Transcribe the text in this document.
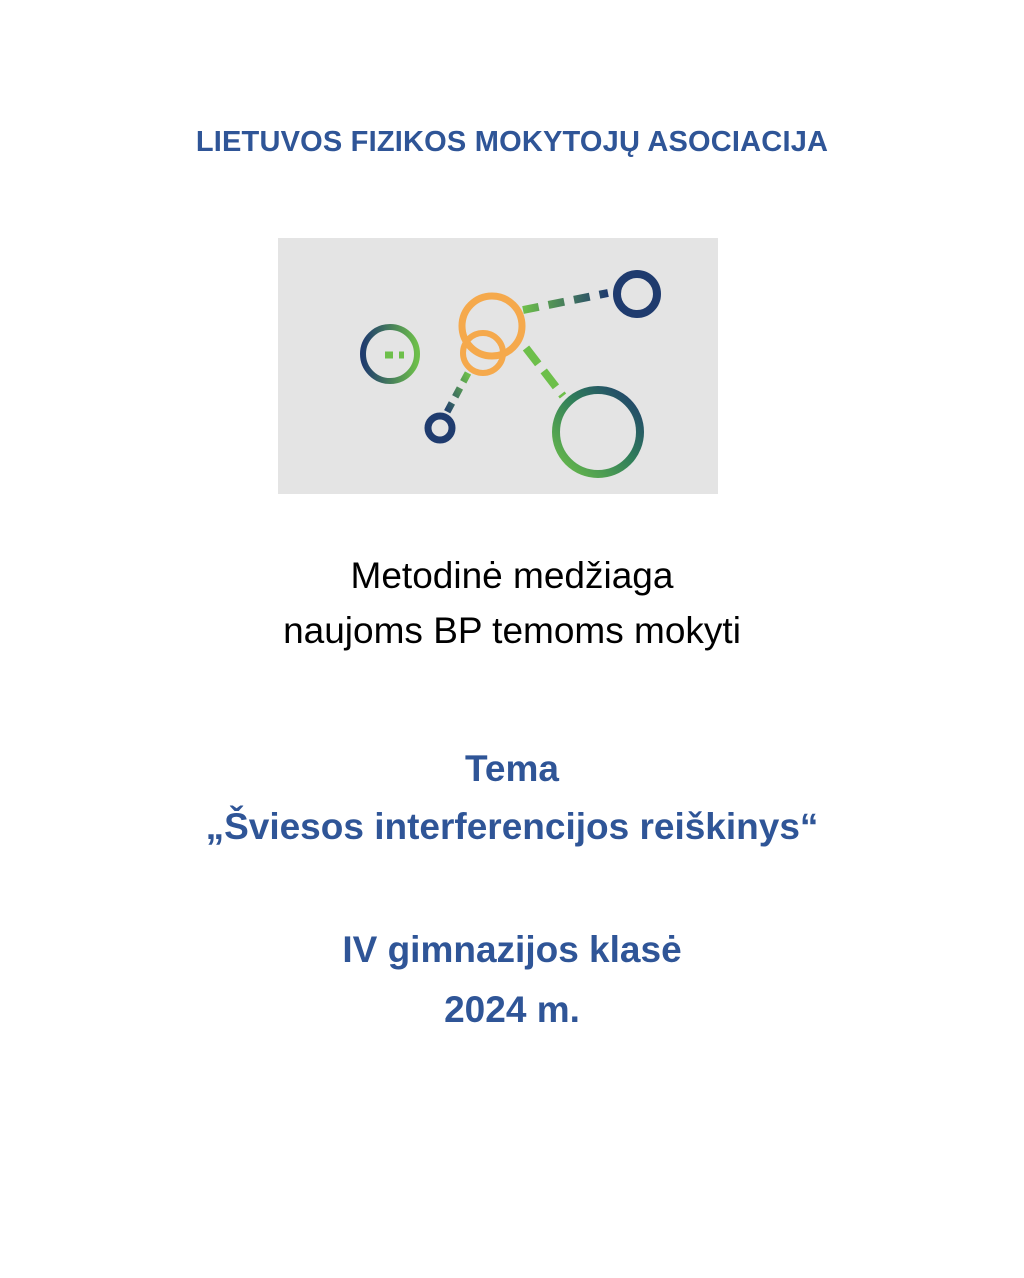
LIETUVOS FIZIKOS MOKYTOJŲ ASOCIACIJA
Metodinė medžiaga
naujoms BP temoms mokyti
Tema
„Šviesos interferencijos reiškinys“
IV gimnazijos klasė
2024 m.
